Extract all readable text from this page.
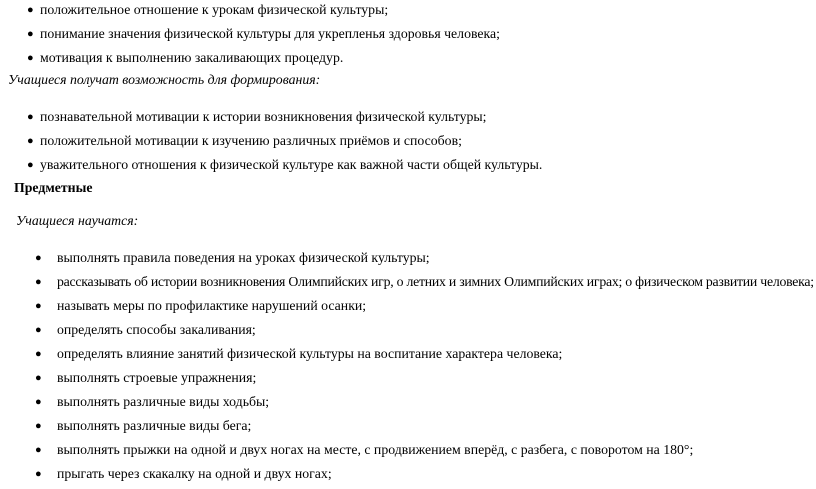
● положительное отношение к урокам физической культуры;
● понимание значения физической культуры для укрепленья здоровья человека;
● мотивация к выполнению закаливающих процедур.
Учащиеся получат возможность для формирования:
● познавательной мотивации к истории возникновения физической культуры;
● положительной мотивации к изучению различных приёмов и способов;
● уважительного отношения к физической культуре как важной части общей культуры.
Предметные
Учащиеся научатся:
● выполнять правила поведения на уроках физической культуры;
● рассказывать об истории возникновения Олимпийских игр, о летних и зимних Олимпийских играх; о физическом развитии человека;
● называть меры по профилактике нарушений осанки;
● определять способы закаливания;
● определять влияние занятий физической культуры на воспитание характера человека;
● выполнять строевые упражнения;
● выполнять различные виды ходьбы;
● выполнять различные виды бега;
● выполнять прыжки на одной и двух ногах на месте, с продвижением вперёд, с разбега, с поворотом на 180°;
● прыгать через скакалку на одной и двух ногах;
